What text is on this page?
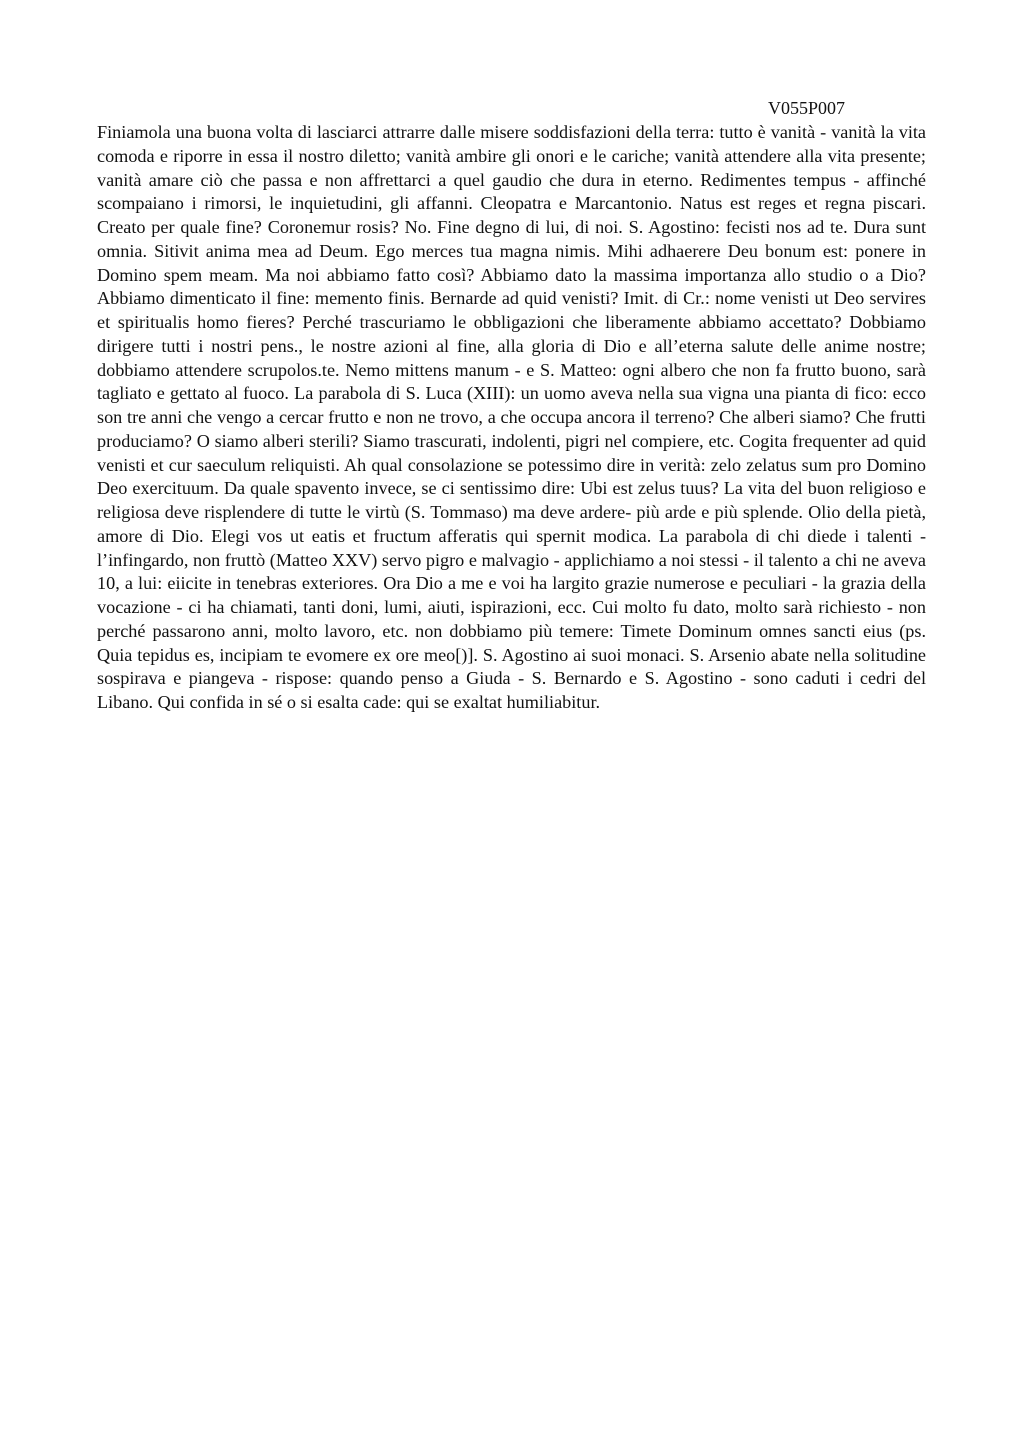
V055P007

Finiamola una buona volta di lasciarci attrarre dalle misere soddisfazioni della terra: tutto è vanità - vanità la vita comoda e riporre in essa il nostro diletto; vanità ambire gli onori e le cariche; vanità attendere alla vita presente; vanità amare ciò che passa e non affrettarci a quel gaudio che dura in eterno. Redimentes tempus - affinché scompaiano i rimorsi, le inquietudini, gli affanni. Cleopatra e Marcantonio. Natus est reges et regna piscari. Creato per quale fine? Coronemur rosis? No. Fine degno di lui, di noi. S. Agostino: fecisti nos ad te. Dura sunt omnia. Sitivit anima mea ad Deum. Ego merces tua magna nimis. Mihi adhaerere Deu bonum est: ponere in Domino spem meam. Ma noi abbiamo fatto così? Abbiamo dato la massima importanza allo studio o a Dio? Abbiamo dimenticato il fine: memento finis. Bernarde ad quid venisti? Imit. di Cr.: nome venisti ut Deo servires et spiritualis homo fieres? Perché trascuriamo le obbligazioni che liberamente abbiamo accettato? Dobbiamo dirigere tutti i nostri pens., le nostre azioni al fine, alla gloria di Dio e all’eterna salute delle anime nostre; dobbiamo attendere scrupolos.te. Nemo mittens manum - e S. Matteo: ogni albero che non fa frutto buono, sarà tagliato e gettato al fuoco. La parabola di S. Luca (XIII): un uomo aveva nella sua vigna una pianta di fico: ecco son tre anni che vengo a cercar frutto e non ne trovo, a che occupa ancora il terreno? Che alberi siamo? Che frutti produciamo? O siamo alberi sterili? Siamo trascurati, indolenti, pigri nel compiere, etc. Cogita frequenter ad quid venisti et cur saeculum reliquisti. Ah qual consolazione se potessimo dire in verità: zelo zelatus sum pro Domino Deo exercituum. Da quale spavento invece, se ci sentissimo dire: Ubi est zelus tuus? La vita del buon religioso e religiosa deve risplendere di tutte le virtù (S. Tommaso) ma deve ardere- più arde e più splende. Olio della pietà, amore di Dio. Elegi vos ut eatis et fructum afferatis qui spernit modica. La parabola di chi diede i talenti - l’infingardo, non fruttò (Matteo XXV) servo pigro e malvagio - applichiamo a noi stessi - il talento a chi ne aveva 10, a lui: eiicite in tenebras exteriores. Ora Dio a me e voi ha largito grazie numerose e peculiari - la grazia della vocazione - ci ha chiamati, tanti doni, lumi, aiuti, ispirazioni, ecc. Cui molto fu dato, molto sarà richiesto - non perché passarono anni, molto lavoro, etc. non dobbiamo più temere: Timete Dominum omnes sancti eius (ps. Quia tepidus es, incipiam te evomere ex ore meo[)]. S. Agostino ai suoi monaci. S. Arsenio abate nella solitudine sospirava e piangeva - rispose: quando penso a Giuda - S. Bernardo e S. Agostino - sono caduti i cedri del Libano. Qui confida in sé o si esalta cade: qui se exaltat humiliabitur.
